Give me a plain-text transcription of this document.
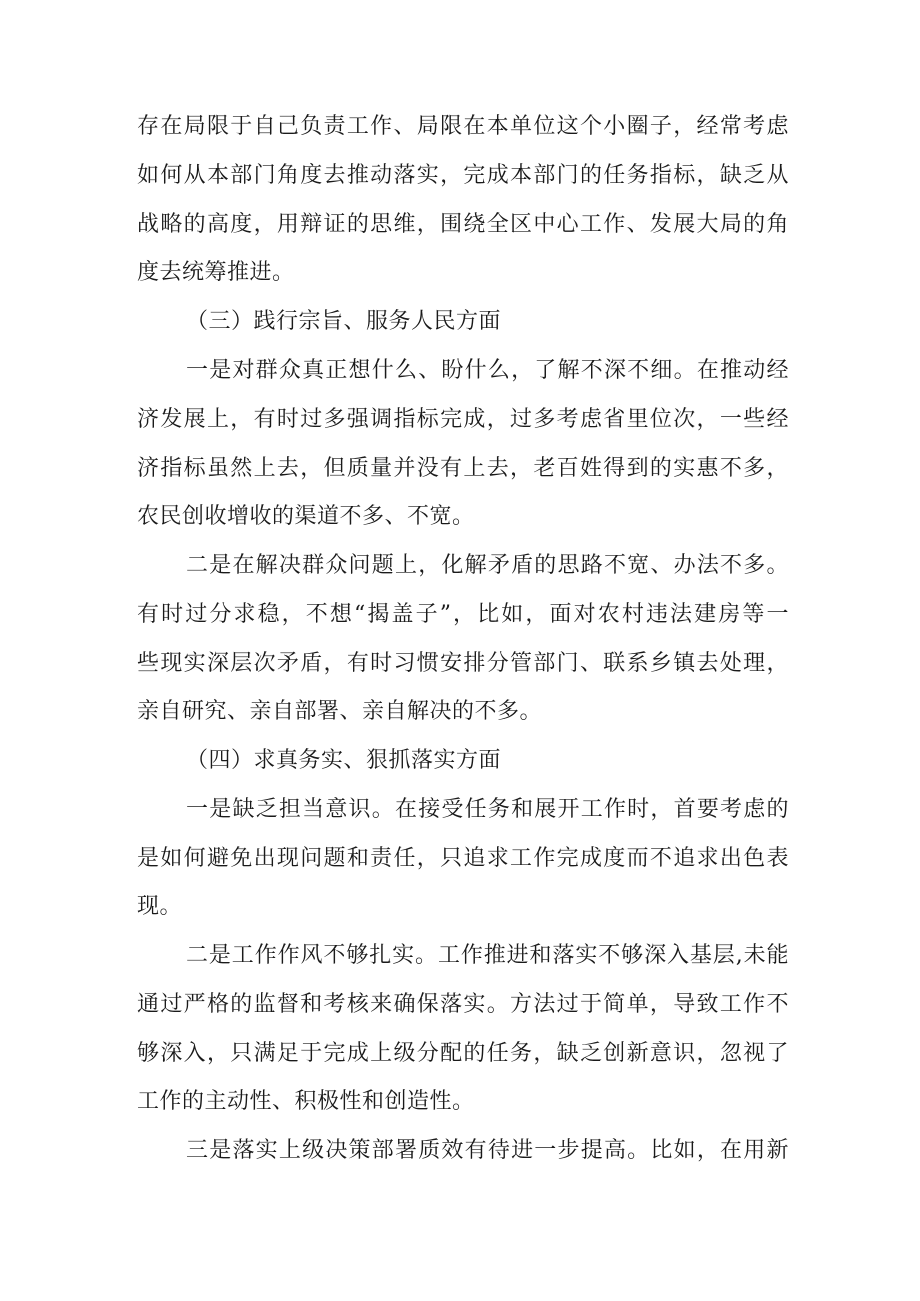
存在局限于自己负责工作、局限在本单位这个小圈子，经常考虑
如何从本部门角度去推动落实，完成本部门的任务指标，缺乏从
战略的高度，用辩证的思维，围绕全区中心工作、发展大局的角
度去统筹推进。
（三）践行宗旨、服务人民方面
一是对群众真正想什么、盼什么，了解不深不细。在推动经
济发展上，有时过多强调指标完成，过多考虑省里位次，一些经
济指标虽然上去，但质量并没有上去，老百姓得到的实惠不多，
农民创收增收的渠道不多、不宽。
二是在解决群众问题上，化解矛盾的思路不宽、办法不多。
有时过分求稳，不想“揭盖子”，比如，面对农村违法建房等一
些现实深层次矛盾，有时习惯安排分管部门、联系乡镇去处理，
亲自研究、亲自部署、亲自解决的不多。
（四）求真务实、狠抓落实方面
一是缺乏担当意识。在接受任务和展开工作时，首要考虑的
是如何避免出现问题和责任，只追求工作完成度而不追求出色表
现。
二是工作作风不够扎实。工作推进和落实不够深入基层,未能
通过严格的监督和考核来确保落实。方法过于简单，导致工作不
够深入，只满足于完成上级分配的任务，缺乏创新意识，忽视了
工作的主动性、积极性和创造性。
三是落实上级决策部署质效有待进一步提高。比如，在用新
